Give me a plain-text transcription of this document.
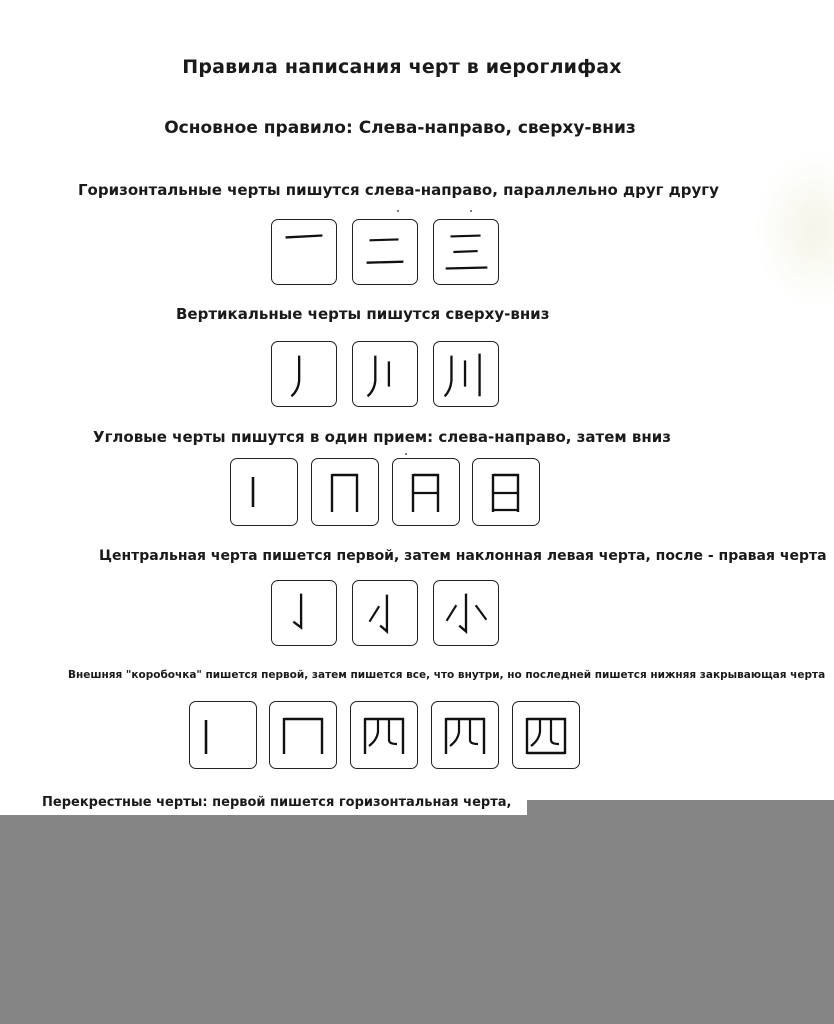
Правила написания черт в иероглифах
Основное правило: Слева-направо, сверху-вниз
Горизонтальные черты пишутся слева-направо, параллельно друг другу
Вертикальные черты пишутся сверху-вниз
Угловые черты пишутся в один прием: слева-направо, затем вниз
Центральная черта пишется первой, затем наклонная левая черта, после - правая черта
Внешняя "коробочка" пишется первой, затем пишется все, что внутри, но последней пишется нижняя закрывающая черта
Перекрестные черты: первой пишется горизонтальная черта,
